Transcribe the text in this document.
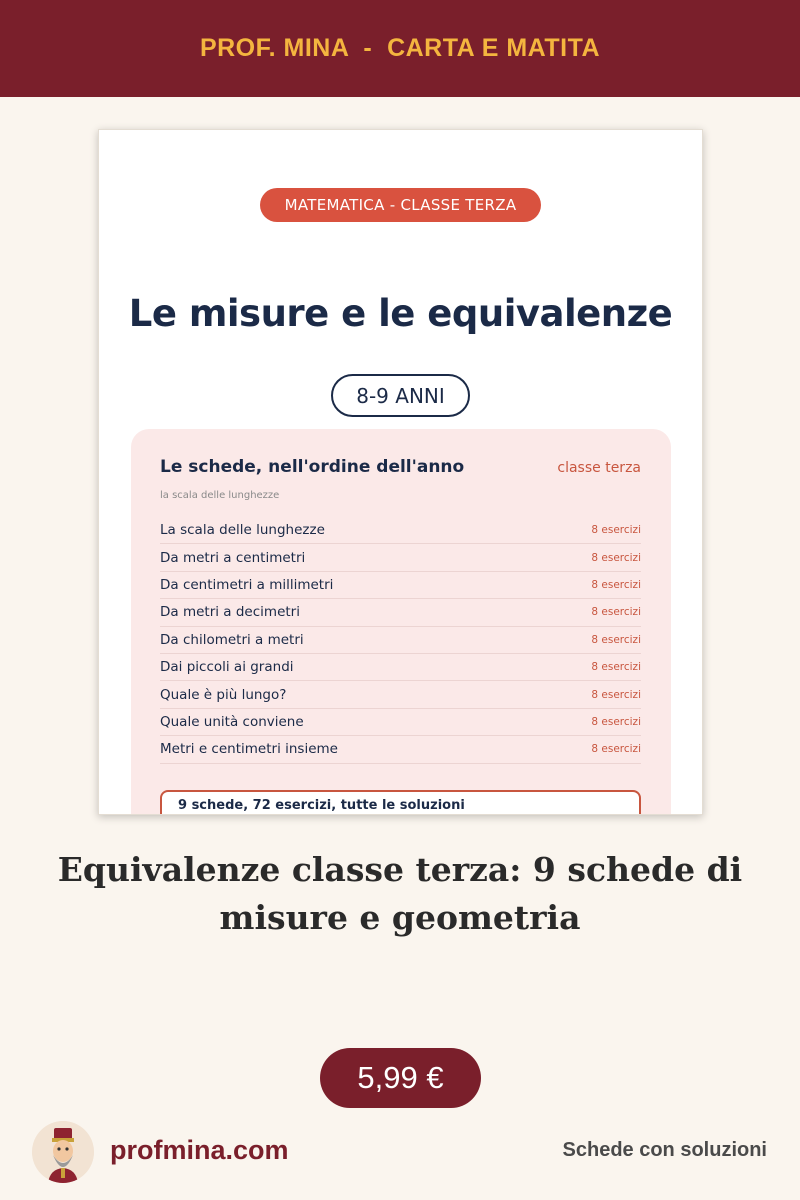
PROF. MINA  -  CARTA E MATITA
MATEMATICA - CLASSE TERZA
Le misure e le equivalenze
8-9 ANNI
Le schede, nell'ordine dell'anno	classe terza
la scala delle lunghezze
La scala delle lunghezze	8 esercizi
Da metri a centimetri	8 esercizi
Da centimetri a millimetri	8 esercizi
Da metri a decimetri	8 esercizi
Da chilometri a metri	8 esercizi
Dai piccoli ai grandi	8 esercizi
Quale è più lungo?	8 esercizi
Quale unità conviene	8 esercizi
Metri e centimetri insieme	8 esercizi
9 schede, 72 esercizi, tutte le soluzioni
Equivalenze classe terza: 9 schede di
misure e geometria
5,99 €
profmina.com	Schede con soluzioni
